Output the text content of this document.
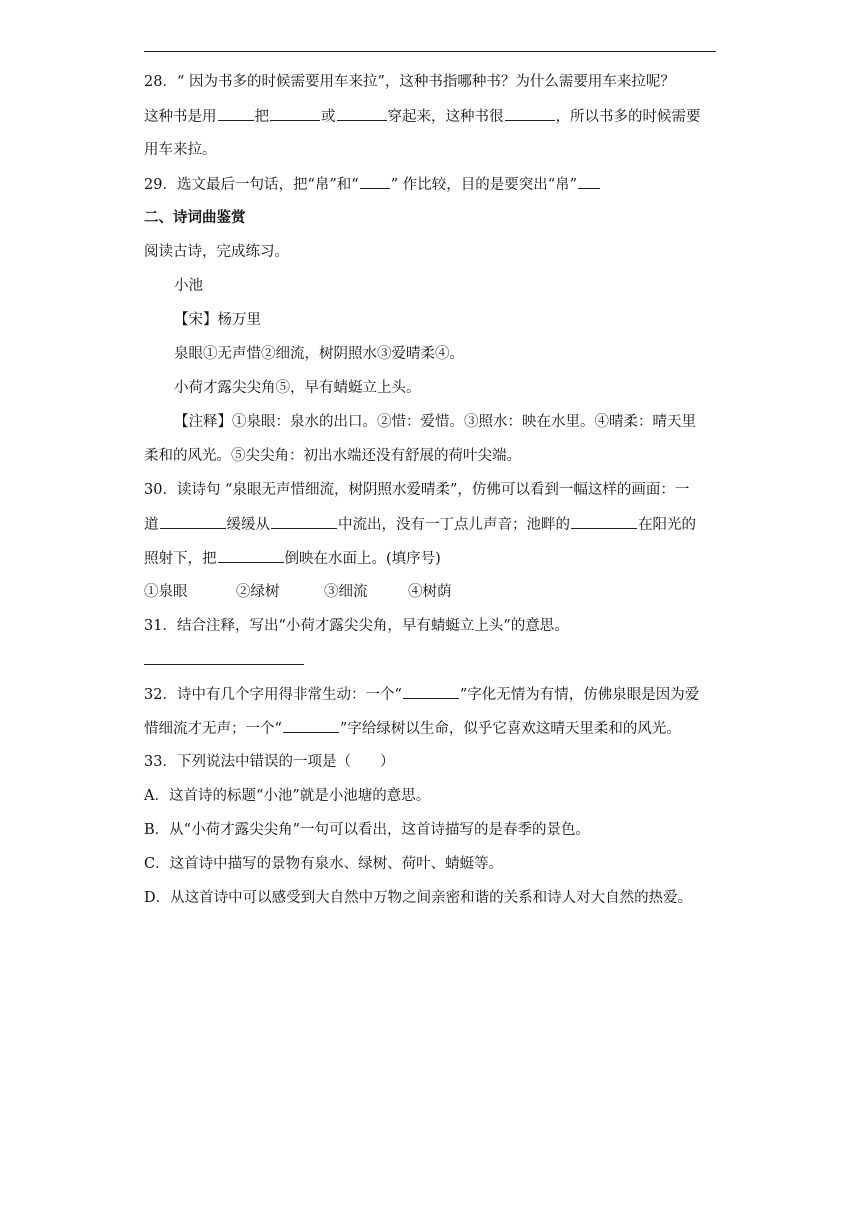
28．“ 因为书多的时候需要用车来拉”，这种书指哪种书？为什么需要用车来拉呢？
这种书是用	把	或	穿起来，这种书很	，所以书多的时候需要
用车来拉。
29．选文最后一句话，把“帛”和“ ” 作比较，目的是要突出“帛”
二、诗词曲鉴赏
阅读古诗，完成练习。
小池
【宋】杨万里
泉眼①无声惜②细流，树阴照水③爱晴柔④。
小荷才露尖尖角⑤，早有蜻蜓立上头。
【注释】①泉眼：泉水的出口。②惜：爱惜。③照水：映在水里。④晴柔：晴天里
柔和的风光。⑤尖尖角：初出水端还没有舒展的荷叶尖端。
30．读诗句 “泉眼无声惜细流，树阴照水爱晴柔”，仿佛可以看到一幅这样的画面：一
道	缓缓从	中流出，没有一丁点儿声音；池畔的	在阳光的
照射下，把	倒映在水面上。(填序号)
①泉眼	②绿树	③细流	④树荫
31．结合注释，写出“小荷才露尖尖角，早有蜻蜓立上头”的意思。
32．诗中有几个字用得非常生动：一个“	”字化无情为有情，仿佛泉眼是因为爱
惜细流才无声；一个“	”字给绿树以生命，似乎它喜欢这晴天里柔和的风光。
33．下列说法中错误的一项是（　　）
A．这首诗的标题“小池”就是小池塘的意思。
B．从“小荷才露尖尖角”一句可以看出，这首诗描写的是春季的景色。
C．这首诗中描写的景物有泉水、绿树、荷叶、蜻蜓等。
D．从这首诗中可以感受到大自然中万物之间亲密和谐的关系和诗人对大自然的热爱。
